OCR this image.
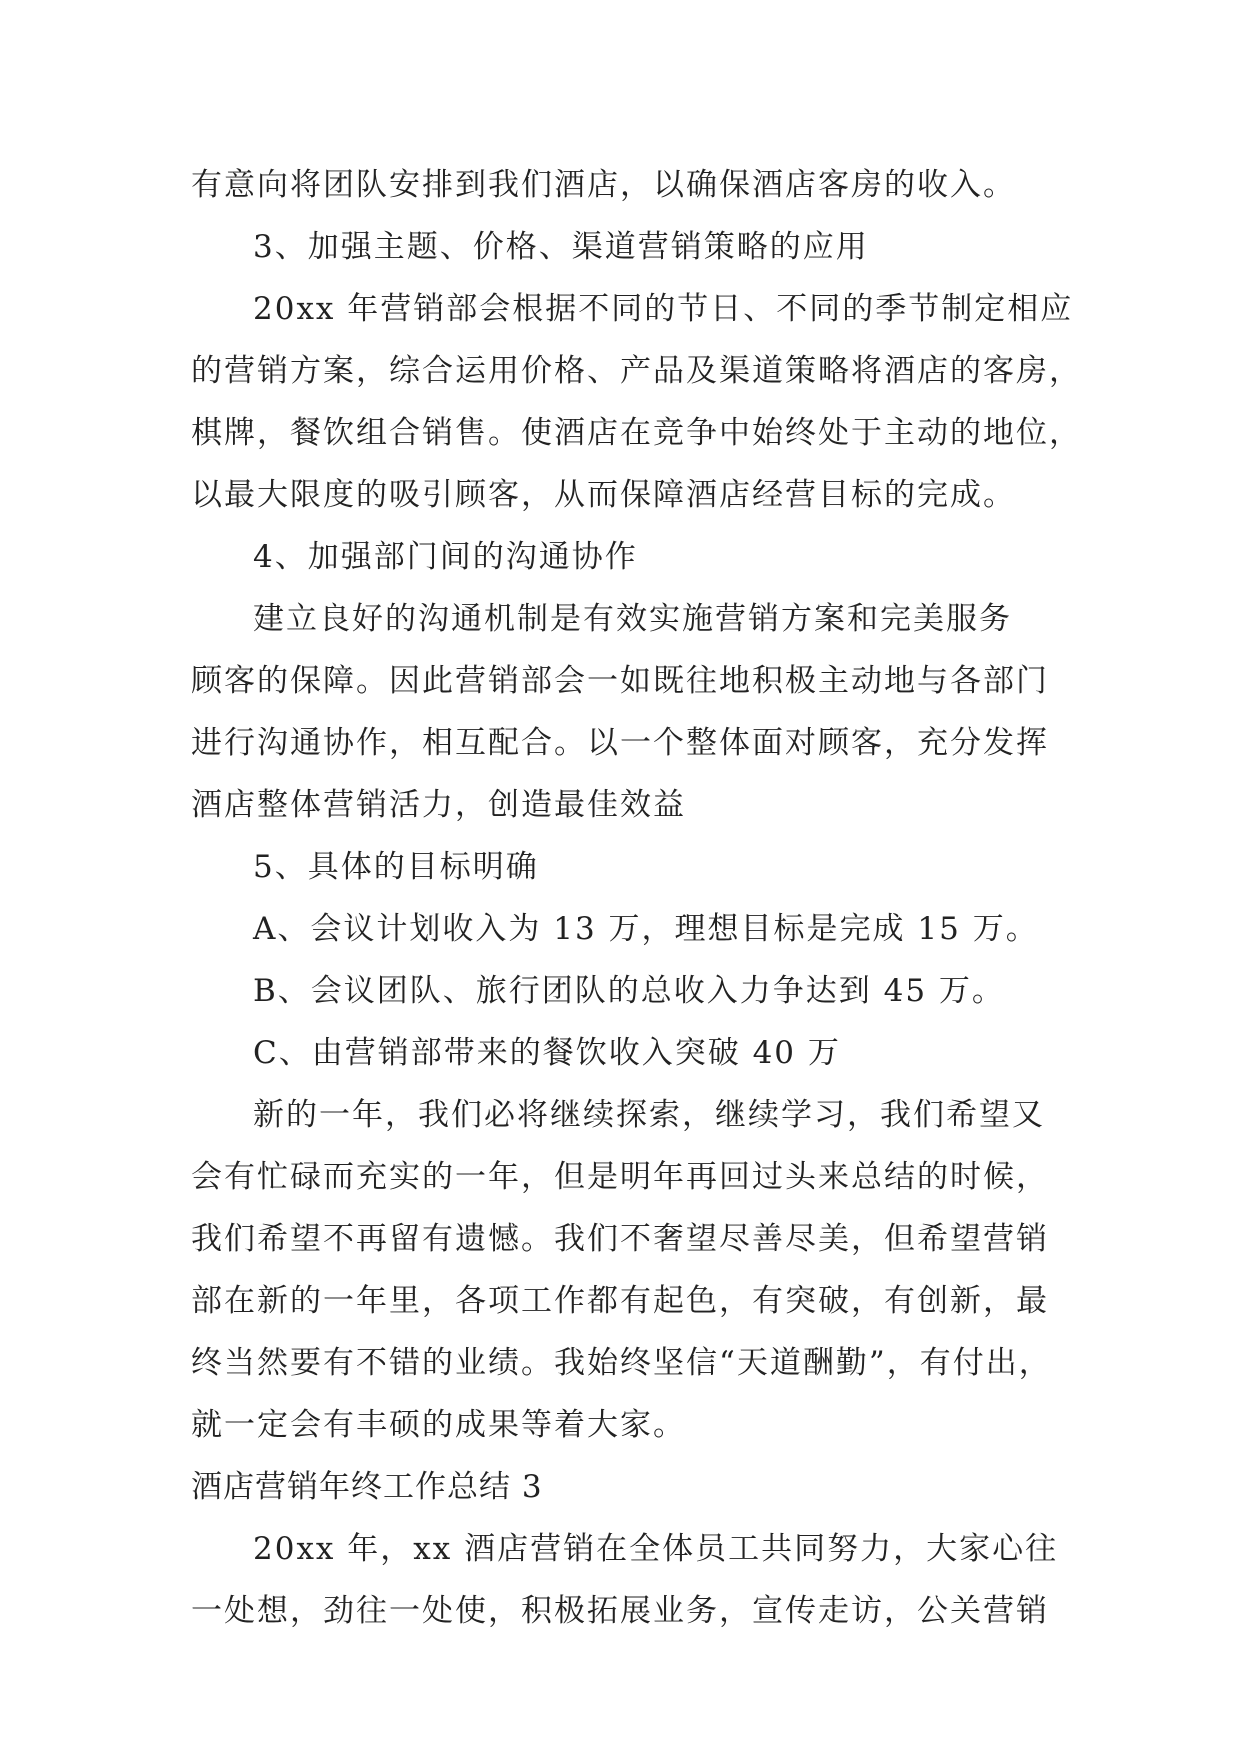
有意向将团队安排到我们酒店，以确保酒店客房的收入。

3、加强主题、价格、渠道营销策略的应用

20xx 年营销部会根据不同的节日、不同的季节制定相应

的营销方案，综合运用价格、产品及渠道策略将酒店的客房，

棋牌，餐饮组合销售。使酒店在竞争中始终处于主动的地位，

以最大限度的吸引顾客，从而保障酒店经营目标的完成。

4、加强部门间的沟通协作

建立良好的沟通机制是有效实施营销方案和完美服务

顾客的保障。因此营销部会一如既往地积极主动地与各部门

进行沟通协作，相互配合。以一个整体面对顾客，充分发挥

酒店整体营销活力，创造最佳效益

5、具体的目标明确

A、会议计划收入为 13 万，理想目标是完成 15 万。

B、会议团队、旅行团队的总收入力争达到 45 万。

C、由营销部带来的餐饮收入突破 40 万

新的一年，我们必将继续探索，继续学习，我们希望又

会有忙碌而充实的一年，但是明年再回过头来总结的时候，

我们希望不再留有遗憾。我们不奢望尽善尽美，但希望营销

部在新的一年里，各项工作都有起色，有突破，有创新，最

终当然要有不错的业绩。我始终坚信“天道酬勤”，有付出，

就一定会有丰硕的成果等着大家。

酒店营销年终工作总结 3

20xx 年，xx 酒店营销在全体员工共同努力，大家心往

一处想，劲往一处使，积极拓展业务，宣传走访，公关营销
